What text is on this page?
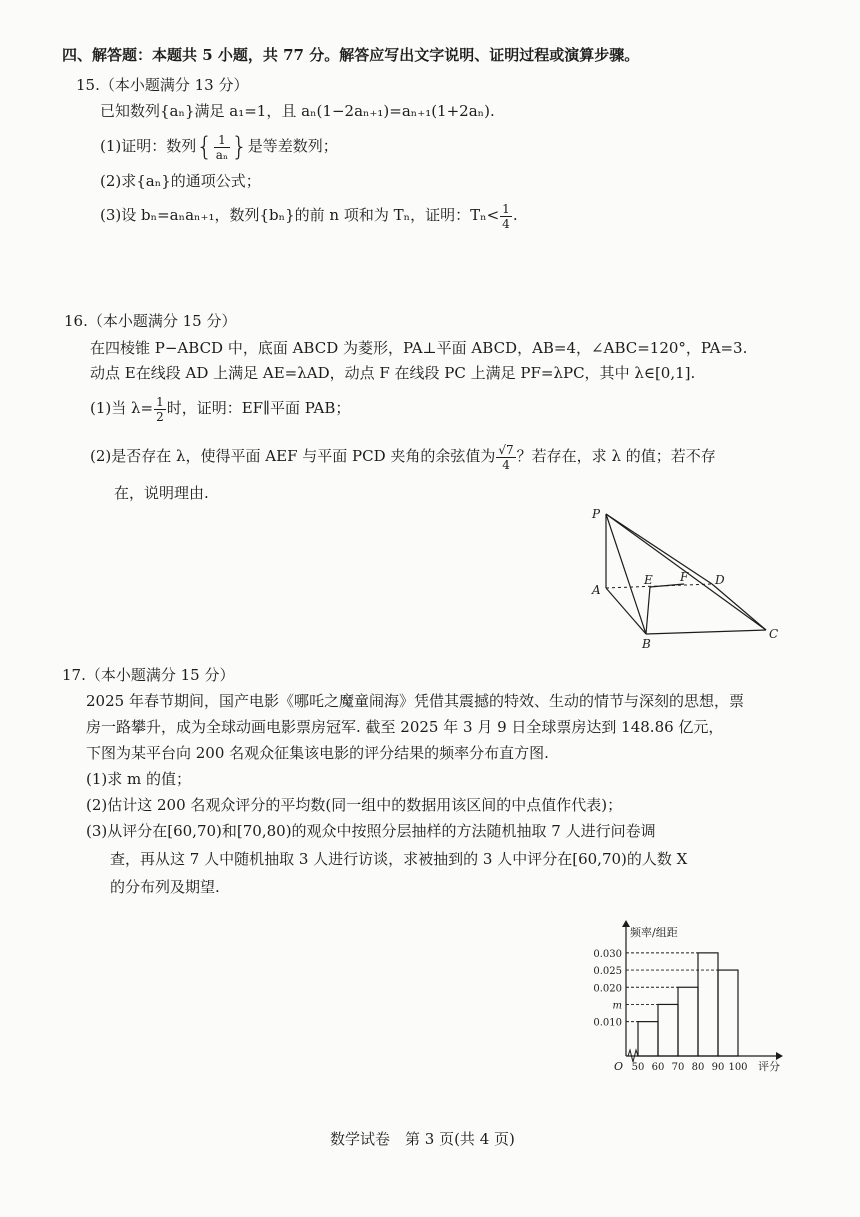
四、解答题：本题共 5 小题，共 77 分。解答应写出文字说明、证明过程或演算步骤。
15.（本小题满分 13 分）
已知数列{aₙ}满足 a₁=1，且 aₙ(1−2aₙ₊₁)=aₙ₊₁(1+2aₙ).
(1)证明：数列{ $\frac{1}{\text{aₙ}}$ }是等差数列；
(2)求{aₙ}的通项公式；
(3)设 bₙ=aₙaₙ₊₁，数列{bₙ}的前 n 项和为 Tₙ，证明：$T_n< \frac{1}{4}$ .
16.（本小题满分 15 分）
在四棱锥 P−ABCD 中，底面 ABCD 为菱形，PA⊥平面 ABCD，AB=4，∠ABC=120°，PA=3.
动点 E在线段 AD 上满足 AE=λAD，动点 F 在线段 PC 上满足 PF=λPC，其中 λ∈[0,1].
(1)当 $\lambda= \frac{1}{2}$ 时，证明：EF∥平面 PAB；
(2)是否存在 λ，使得平面 AEF 与平面 PCD 夹角的余弦值为 $\frac{√7}{4}$ ？若存在，求 λ 的值；若不存
在，说明理由.
P
A
B
C
D
E F
17.（本小题满分 15 分）
2025 年春节期间，国产电影《哪吒之魔童闹海》凭借其震撼的特效、生动的情节与深刻的思想，票
房一路攀升，成为全球动画电影票房冠军. 截至 2025 年 3 月 9 日全球票房达到 148.86 亿元，
下图为某平台向 200 名观众征集该电影的评分结果的频率分布直方图.
(1)求 m 的值；
(2)估计这 200 名观众评分的平均数(同一组中的数据用该区间的中点值作代表)；
(3)从评分在[60,70)和[70,80)的观众中按照分层抽样的方法随机抽取 7 人进行问卷调
查，再从这 7 人中随机抽取 3 人进行访谈，求被抽到的 3 人中评分在[60,70)的人数 X
的分布列及期望.
0.010
m
0.020
0.025
0.030
50 60 70 80 90 100
O
频率/组距
评分
数学试卷　第 3 页(共 4 页)
